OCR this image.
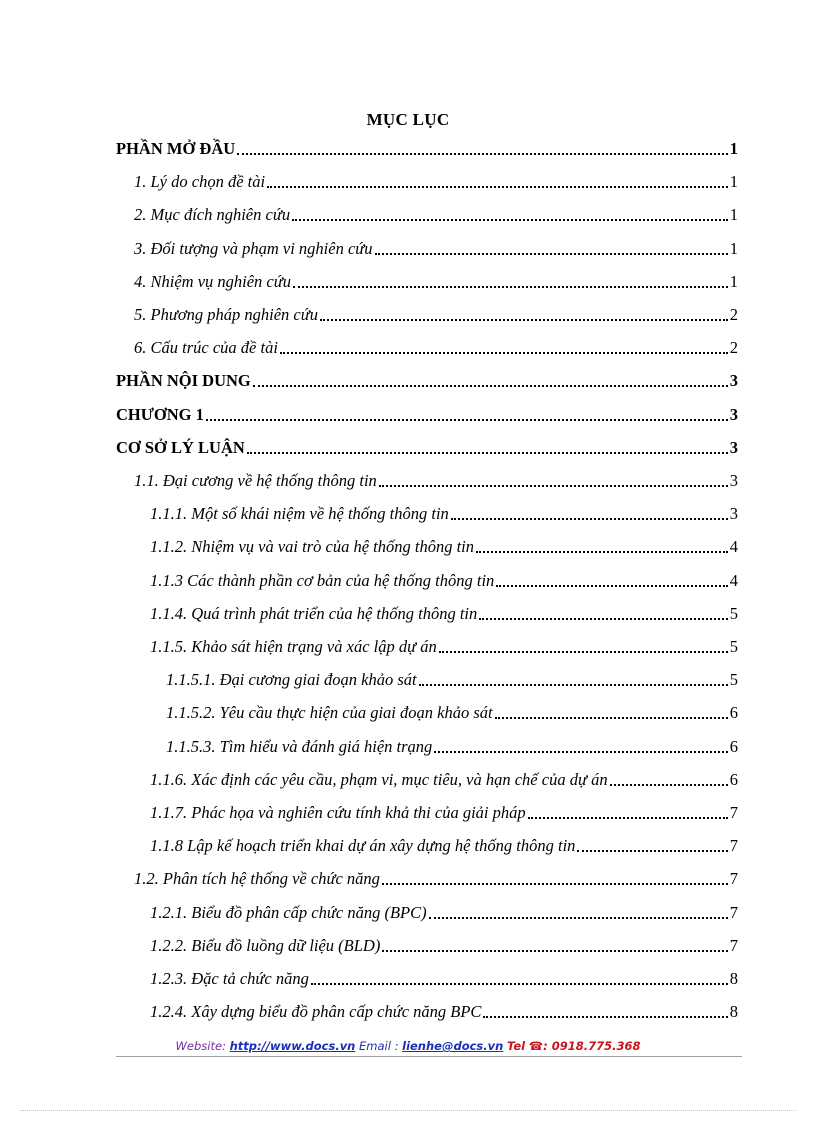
MỤC LỤC
PHẦN MỞ ĐẦU	1
1. Lý do chọn đề tài	1
2. Mục đích nghiên cứu	1
3. Đối tượng và phạm vi nghiên cứu	1
4. Nhiệm vụ nghiên cứu	1
5. Phương pháp nghiên cứu	2
6. Cấu trúc của đề tài	2
PHẦN NỘI DUNG	3
CHƯƠNG 1	3
CƠ SỞ LÝ LUẬN	3
1.1. Đại cương về hệ thống thông tin	3
1.1.1. Một số khái niệm về hệ thống thông tin	3
1.1.2. Nhiệm vụ và vai trò của hệ thống thông tin	4
1.1.3 Các thành phần cơ bản của hệ thống thông tin	4
1.1.4. Quá trình phát triển của hệ thống thông tin	5
1.1.5. Khảo sát hiện trạng và xác lập dự án	5
1.1.5.1. Đại cương giai đoạn khảo sát	5
1.1.5.2. Yêu cầu thực hiện của giai đoạn khảo sát	6
1.1.5.3. Tìm hiểu và đánh giá hiện trạng	6
1.1.6. Xác định các yêu cầu, phạm vi, mục tiêu, và hạn chế của dự án	6
1.1.7. Phác họa và nghiên cứu tính khả thi của giải pháp	7
1.1.8 Lập kế hoạch triển khai dự án xây dựng hệ thống thông tin	7
1.2. Phân tích hệ thống về chức năng	7
1.2.1. Biểu đồ phân cấp chức năng (BPC)	7
1.2.2. Biểu đồ luồng dữ liệu (BLD)	7
1.2.3. Đặc tả chức năng	8
1.2.4. Xây dựng biểu đồ phân cấp chức năng BPC	8
Website: http://www.docs.vn Email : lienhe@docs.vn Tel ☎: 0918.775.368
